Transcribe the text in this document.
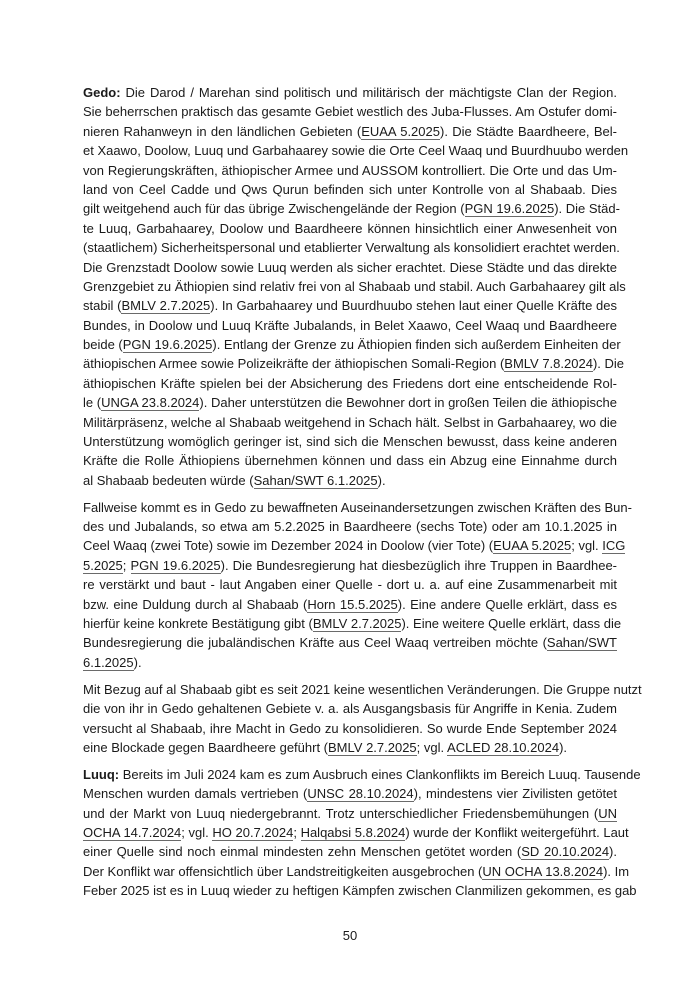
Gedo: Die Darod / Marehan sind politisch und militärisch der mächtigste Clan der Region.
Sie beherrschen praktisch das gesamte Gebiet westlich des Juba-Flusses. Am Ostufer domi-
nieren Rahanweyn in den ländlichen Gebieten (EUAA 5.2025). Die Städte Baardheere, Bel-
et Xaawo, Doolow, Luuq und Garbahaarey sowie die Orte Ceel Waaq und Buurdhuubo werden
von Regierungskräften, äthiopischer Armee und AUSSOM kontrolliert. Die Orte und das Um-
land von Ceel Cadde und Qws Qurun befinden sich unter Kontrolle von al Shabaab. Dies
gilt weitgehend auch für das übrige Zwischengelände der Region (PGN 19.6.2025). Die Städ-
te Luuq, Garbahaarey, Doolow und Baardheere können hinsichtlich einer Anwesenheit von
(staatlichem) Sicherheitspersonal und etablierter Verwaltung als konsolidiert erachtet werden.
Die Grenzstadt Doolow sowie Luuq werden als sicher erachtet. Diese Städte und das direkte
Grenzgebiet zu Äthiopien sind relativ frei von al Shabaab und stabil. Auch Garbahaarey gilt als
stabil (BMLV 2.7.2025). In Garbahaarey und Buurdhuubo stehen laut einer Quelle Kräfte des
Bundes, in Doolow und Luuq Kräfte Jubalands, in Belet Xaawo, Ceel Waaq und Baardheere
beide (PGN 19.6.2025). Entlang der Grenze zu Äthiopien finden sich außerdem Einheiten der
äthiopischen Armee sowie Polizeikräfte der äthiopischen Somali-Region (BMLV 7.8.2024). Die
äthiopischen Kräfte spielen bei der Absicherung des Friedens dort eine entscheidende Rol-
le (UNGA 23.8.2024). Daher unterstützen die Bewohner dort in großen Teilen die äthiopische
Militärpräsenz, welche al Shabaab weitgehend in Schach hält. Selbst in Garbahaarey, wo die
Unterstützung womöglich geringer ist, sind sich die Menschen bewusst, dass keine anderen
Kräfte die Rolle Äthiopiens übernehmen können und dass ein Abzug eine Einnahme durch
al Shabaab bedeuten würde (Sahan/SWT 6.1.2025).
Fallweise kommt es in Gedo zu bewaffneten Auseinandersetzungen zwischen Kräften des Bun-
des und Jubalands, so etwa am 5.2.2025 in Baardheere (sechs Tote) oder am 10.1.2025 in
Ceel Waaq (zwei Tote) sowie im Dezember 2024 in Doolow (vier Tote) (EUAA 5.2025; vgl. ICG
5.2025; PGN 19.6.2025). Die Bundesregierung hat diesbezüglich ihre Truppen in Baardhee-
re verstärkt und baut - laut Angaben einer Quelle - dort u. a. auf eine Zusammenarbeit mit
bzw. eine Duldung durch al Shabaab (Horn 15.5.2025). Eine andere Quelle erklärt, dass es
hierfür keine konkrete Bestätigung gibt (BMLV 2.7.2025). Eine weitere Quelle erklärt, dass die
Bundesregierung die jubaländischen Kräfte aus Ceel Waaq vertreiben möchte (Sahan/SWT
6.1.2025).
Mit Bezug auf al Shabaab gibt es seit 2021 keine wesentlichen Veränderungen. Die Gruppe nutzt
die von ihr in Gedo gehaltenen Gebiete v. a. als Ausgangsbasis für Angriffe in Kenia. Zudem
versucht al Shabaab, ihre Macht in Gedo zu konsolidieren. So wurde Ende September 2024
eine Blockade gegen Baardheere geführt (BMLV 2.7.2025; vgl. ACLED 28.10.2024).
Luuq: Bereits im Juli 2024 kam es zum Ausbruch eines Clankonflikts im Bereich Luuq. Tausende
Menschen wurden damals vertrieben (UNSC 28.10.2024), mindestens vier Zivilisten getötet
und der Markt von Luuq niedergebrannt. Trotz unterschiedlicher Friedensbemühungen (UN
OCHA 14.7.2024; vgl. HO 20.7.2024; Halqabsi 5.8.2024) wurde der Konflikt weitergeführt. Laut
einer Quelle sind noch einmal mindesten zehn Menschen getötet worden (SD 20.10.2024).
Der Konflikt war offensichtlich über Landstreitigkeiten ausgebrochen (UN OCHA 13.8.2024). Im
Feber 2025 ist es in Luuq wieder zu heftigen Kämpfen zwischen Clanmilizen gekommen, es gab
50
